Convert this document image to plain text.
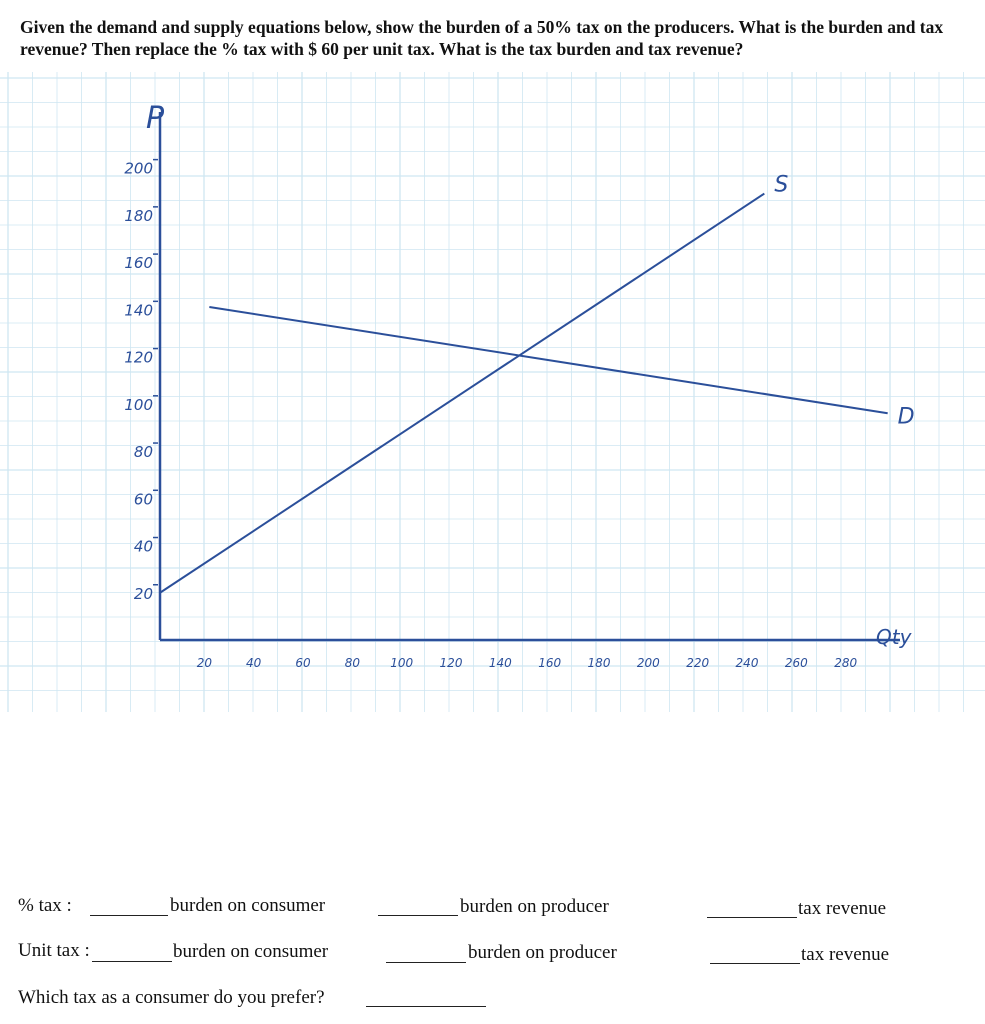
Given the demand and supply equations below, show the burden of a 50% tax on the producers. What is the burden and tax revenue? Then replace the % tax with $ 60 per unit tax. What is the tax burden and tax revenue?

200
180
160
140
120
100
80
60
40
20
20	40	60	80	100 120 140 160 180 200 220 240 260 280
S
D
P
Qty
% tax :	burden on consumer	burden on producer	tax revenue
Unit tax :	burden on consumer	burden on producer	tax revenue
Which tax as a consumer do you prefer?
